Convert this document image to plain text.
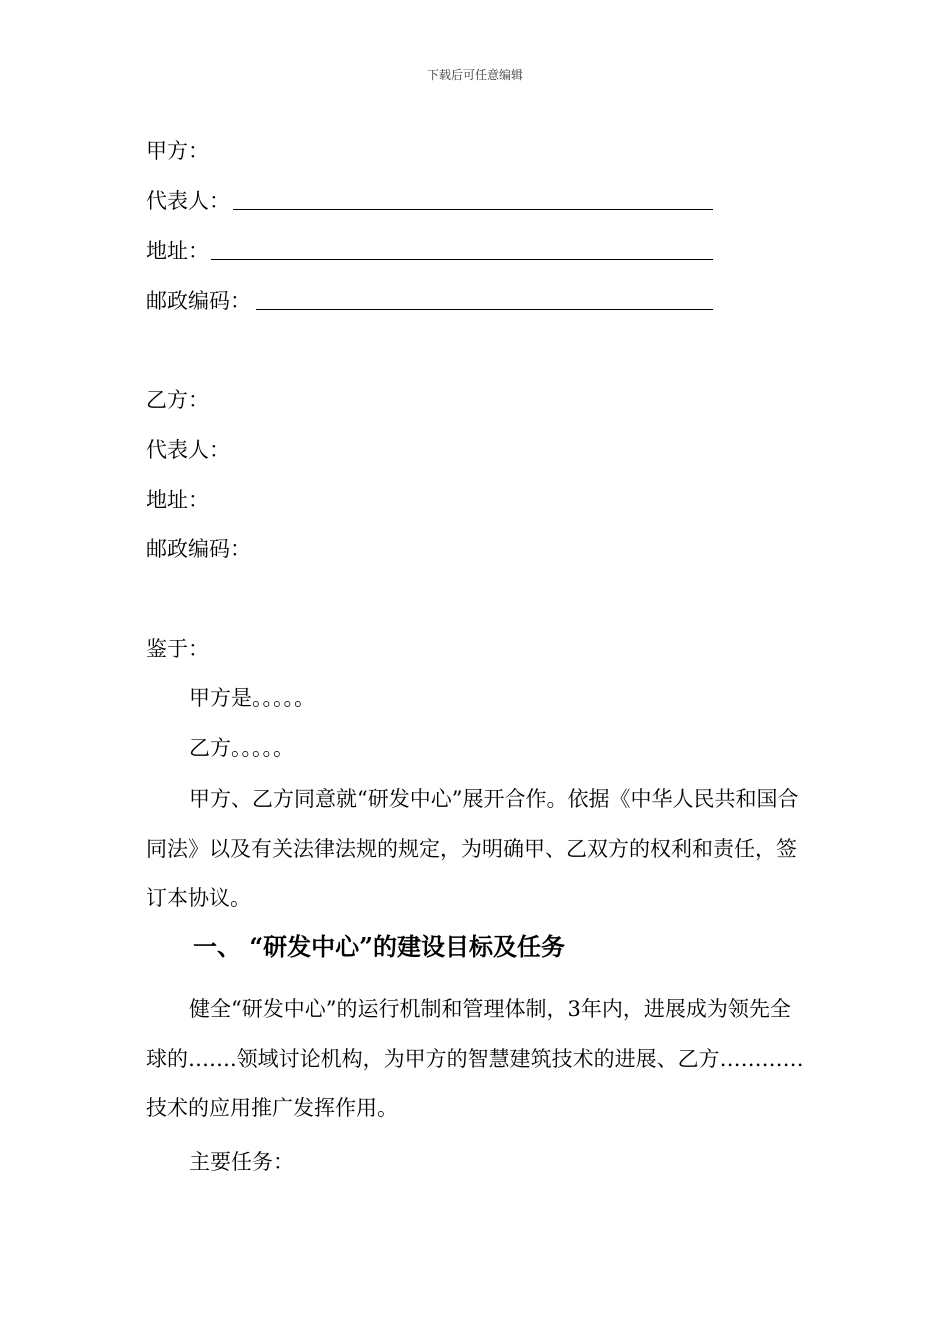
下载后可任意编辑
甲方：
代表人：
地址：
邮政编码：
乙方：
代表人：
地址：
邮政编码：
鉴于：
甲方是。。。。。
乙方。。。。。
甲方、乙方同意就“研发中心”展开合作。依据《中华人民共和国合同法》以及有关法律法规的规定，为明确甲、乙双方的权利和责任，签订本协议。
一、 “研发中心”的建设目标及任务
健全“研发中心”的运行机制和管理体制，3年内，进展成为领先全球的…….领域讨论机构，为甲方的智慧建筑技术的进展、乙方…………技术的应用推广发挥作用。
主要任务：
